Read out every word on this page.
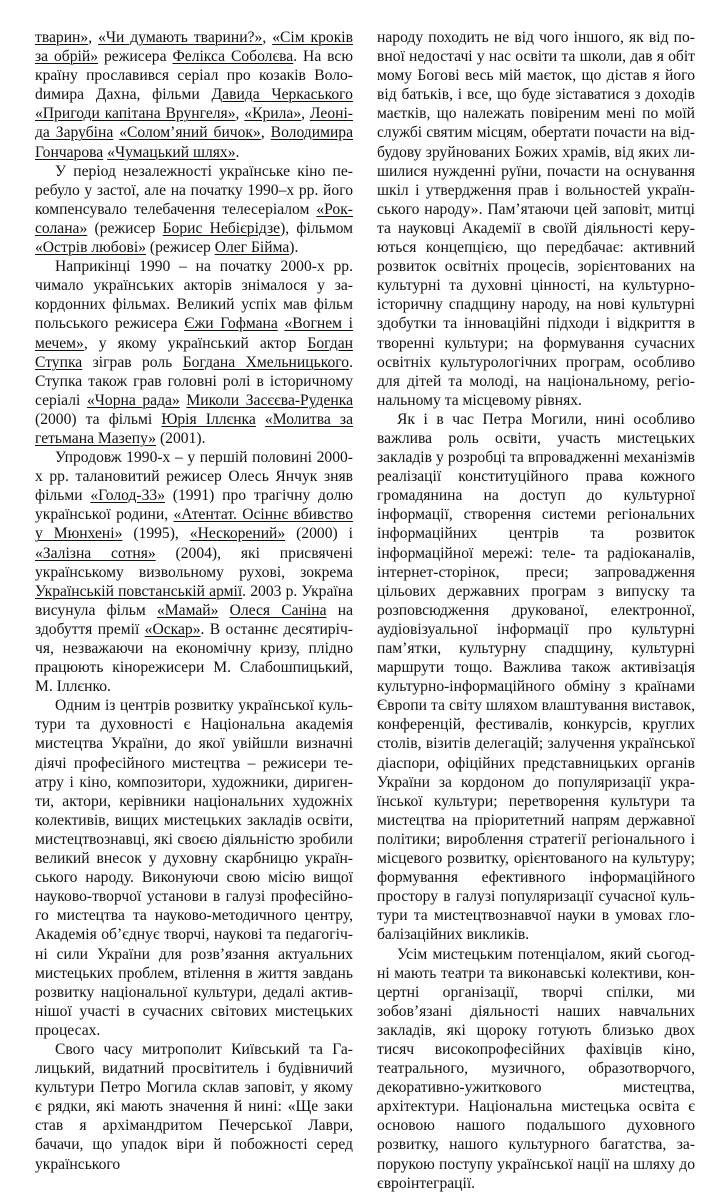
тварин», «Чи думають тварини?», «Сім кроків за обрій» режисера Фелікса Соболєва. На всю країну прославився серіал про козаків Волоdимира Дахна, фільми Давида Черкаського «Пригоди капітана Врунгеля», «Крила», Леоніда Зарубіна «Солом’яний бичок», Володимира Гончарова «Чумацький шлях».

У період незалежності українське кіно перебуло у застої, але на початку 1990–х рр. його компенсувало телебачення телесеріалом «Роксолана» (режисер Борис Небієрідзе), фільмом «Острів любові» (режисер Олег Бійма).

Наприкінці 1990 – на початку 2000-х рр. чимало українських акторів знімалося у закордонних фільмах. Великий успіх мав фільм польського режисера Єжи Гофмана «Вогнем і мечем», у якому український актор Богдан Ступка зіграв роль Богдана Хмельницького. Ступка також грав головні ролі в історичному серіалі «Чорна рада» Миколи Засєєва-Руденка (2000) та фільмі Юрія Іллєнка «Молитва за гетьмана Мазепу» (2001).

Упродовж 1990-х – у першій половині 2000-х рр. талановитий режисер Олесь Янчук зняв фільми «Голод-33» (1991) про трагічну долю української родини, «Атентат. Осіннє вбивство у Мюнхені» (1995), «Нескорений» (2000) і «Залізна сотня» (2004), які присвячені українському визвольному рухові, зокрема Українській повстанській армії. 2003 р. Україна висунула фільм «Мамай» Олеся Саніна на здобуття премії «Оскар». В останнє десятиріччя, незважаючи на економічну кризу, плідно працюють кінорежисери М. Слабошпицький, М. Іллєнко.

Одним із центрів розвитку української культури та духовності є Національна академія мистецтва України, до якої увійшли визначні діячі професійного мистецтва – режисери театру і кіно, композитори, художники, диригенти, актори, керівники національних художніх колективів, вищих мистецьких закладів освіти, мистецтвознавці, які своєю діяльністю зробили великий внесок у духовну скарбницю українського народу. Виконуючи свою місію вищої науково-творчої установи в галузі професійного мистецтва та науково-методичного центру, Академія об’єднує творчі, наукові та педагогічні сили України для розв’язання актуальних мистецьких проблем, втілення в життя завдань розвитку національної культури, дедалі активнішої участі в сучасних світових мистецьких процесах.

Свого часу митрополит Київський та Галицький, видатний просвітитель і будівничий культури Петро Могила склав заповіт, у якому є рядки, які мають значення й нині: «Ще заки став я архімандритом Печерської Лаври, бачачи, що упадок віри й побожності серед українського

народу походить не від чого іншого, як від повної недостачі у нас освіти та школи, дав я обіт мому Богові весь мій маєток, що дістав я його від батьків, і все, що буде зіставатися з доходів маєтків, що належать повіреним мені по моїй службі святим місцям, обертати почасти на відбудову зруйнованих Божих храмів, від яких лишилися нужденні руїни, почасти на оснування шкіл і утвердження прав і вольностей українського народу». Пам’ятаючи цей заповіт, митці та науковці Академії в своїй діяльності керуються концепцією, що передбачає: активний розвиток освітніх процесів, зорієнтованих на культурні та духовні цінності, на культурно-історичну спадщину народу, на нові культурні здобутки та інноваційні підходи і відкриття в творенні культури; на формування сучасних освітніх культурологічних програм, особливо для дітей та молоді, на національному, регіональному та місцевому рівнях.

Як і в час Петра Могили, нині особливо важлива роль освіти, участь мистецьких закладів у розробці та впровадженні механізмів реалізації конституційного права кожного громадянина на доступ до культурної інформації, створення системи регіональних інформаційних центрів та розвиток інформаційної мережі: теле- та радіоканалів, інтернет-сторінок, преси; запровадження цільових державних програм з випуску та розповсюдження друкованої, електронної, аудіовізуальної інформації про культурні пам’ятки, культурну спадщину, культурні маршрути тощо. Важлива також активізація культурно-інформаційного обміну з країнами Європи та світу шляхом влаштування виставок, конференцій, фестивалів, конкурсів, круглих столів, візитів делегацій; залучення української діаспори, офіційних представницьких органів України за кордоном до популяризації української культури; перетворення культури та мистецтва на пріоритетний напрям державної політики; вироблення стратегії регіонального і місцевого розвитку, орієнтованого на культуру; формування ефективного інформаційного простору в галузі популяризації сучасної культури та мистецтвознавчої науки в умовах глобалізаційних викликів.

Усім мистецьким потенціалом, який сьогодні мають театри та виконавські колективи, концертні організації, творчі спілки, ми зобов’язані діяльності наших навчальних закладів, які щороку готують близько двох тисяч високопрофесійних фахівців кіно, театрального, музичного, образотворчого, декоративно-ужиткового мистецтва, архітектури. Національна мистецька освіта є основою нашого подальшого духовного розвитку, нашого культурного багатства, запорукою поступу української нації на шляху до євроінтеграції.
